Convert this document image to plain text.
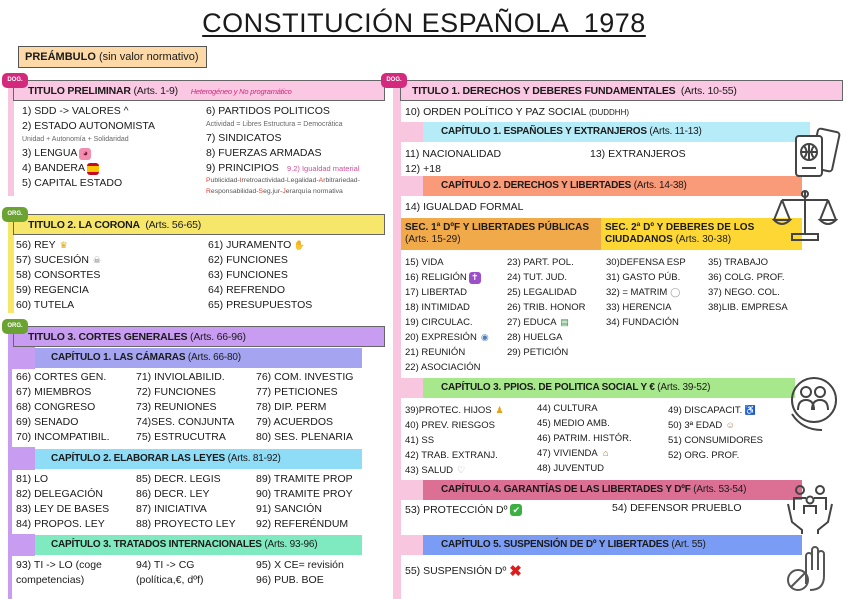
CONSTITUCIÓN ESPAÑOLA  1978
PREÁMBULO (sin valor normativo)
TITULO PRELIMINAR (Arts. 1-9) Heterogéneo y No programático
DOG.
1) SDD -> VALORES ^
2) ESTADO AUTONOMISTA
Unidad + Autonomía + Solidaridad
3) LENGUA ◕
4) BANDERA
5) CAPITAL ESTADO
6) PARTIDOS POLITICOS
Actividad = Libres Estructura = Democrática
7) SINDICATOS
8) FUERZAS ARMADAS
9) PRINCIPIOS 9.2) Igualdad material
Publicidad-Irretroactividad-Legalidad-Arbitrariedad-Responsabilidad-Seg.jur-Jerarquía normativa
TITULO 2. LA CORONA (Arts. 56-65)
ORG.
56) REY ♛
57) SUCESIÓN ☠
58) CONSORTES
59) REGENCIA
60) TUTELA
61) JURAMENTO ✋
62) FUNCIONES
63) FUNCIONES
64) REFRENDO
65) PRESUPUESTOS
TITULO 3. CORTES GENERALES (Arts. 66-96)
ORG.
CAPÍTULO 1. LAS CÁMARAS (Arts. 66-80)
66) CORTES GEN.
67) MIEMBROS
68) CONGRESO
69) SENADO
70) INCOMPATIBIL.
71) INVIOLABILID.
72) FUNCIONES
73) REUNIONES
74)SES. CONJUNTA
75) ESTRUCUTRA
76) COM. INVESTIG
77) PETICIONES
78) DIP. PERM
79) ACUERDOS
80) SES. PLENARIA
CAPÍTULO 2. ELABORAR LAS LEYES (Arts. 81-92)
81) LO
82) DELEGACIÓN
83) LEY DE BASES
84) PROPOS. LEY
85) DECR. LEGIS
86) DECR. LEY
87) INICIATIVA
88) PROYECTO LEY
89) TRAMITE PROP
90) TRAMITE PROY
91) SANCIÓN
92) REFERÉNDUM
CAPÍTULO 3. TRATADOS INTERNACIONALES (Arts. 93-96)
93) TI -> LO (coge
competencias)
94) TI -> CG
(política,€, dºf)
95) X CE= revisión
96) PUB. BOE
TITULO 1. DERECHOS Y DEBERES FUNDAMENTALES (Arts. 10-55)
DOG.
10) ORDEN POLÍTICO Y PAZ SOCIAL (DUDDHH)
CAPÍTULO 1. ESPAÑOLES Y EXTRANJEROS (Arts. 11-13)
11) NACIONALIDAD	13) EXTRANJEROS
12) +18
CAPÍTULO 2. DERECHOS Y LIBERTADES (Arts. 14-38)
14) IGUALDAD FORMAL
SEC. 1ª DºF Y LIBERTADES PÚBLICAS (Arts. 15-29)
SEC. 2ª Dº Y DEBERES DE LOS CIUDADANOS (Arts. 30-38)
15) VIDA
16) RELIGIÓN ✝
17) LIBERTAD
18) INTIMIDAD
19) CIRCULAC.
20) EXPRESIÓN ◉
21) REUNIÓN
22) ASOCIACIÓN
23) PART. POL.
24) TUT. JUD.
25) LEGALIDAD
26) TRIB. HONOR
27) EDUCA ▤
28) HUELGA
29) PETICIÓN
30)DEFENSA ESP
31) GASTO PÚB.
32) = MATRIM ◯
33) HERENCIA
34) FUNDACIÓN
35) TRABAJO
36) COLG. PROF.
37) NEGO. COL.
38)LIB. EMPRESA
CAPÍTULO 3. PPIOS. DE POLITICA SOCIAL Y € (Arts. 39-52)
39)PROTEC. HIJOS ♟
40) PREV. RIESGOS
41) SS
42) TRAB. EXTRANJ.
43) SALUD ♡
44) CULTURA
45) MEDIO AMB.
46) PATRIM. HISTÓR.
47) VIVIENDA ⌂
48) JUVENTUD
49) DISCAPACIT. ♿
50) 3ª EDAD ☺
51) CONSUMIDORES
52) ORG. PROF.
CAPÍTULO 4. GARANTÍAS DE LAS LIBERTADES Y DºF (Arts. 53-54)
53) PROTECCIÓN Dº ✔	54) DEFENSOR PRUEBLO
CAPÍTULO 5. SUSPENSIÓN DE Dº Y LIBERTADES (Art. 55)
55) SUSPENSIÓN Dº ✖
